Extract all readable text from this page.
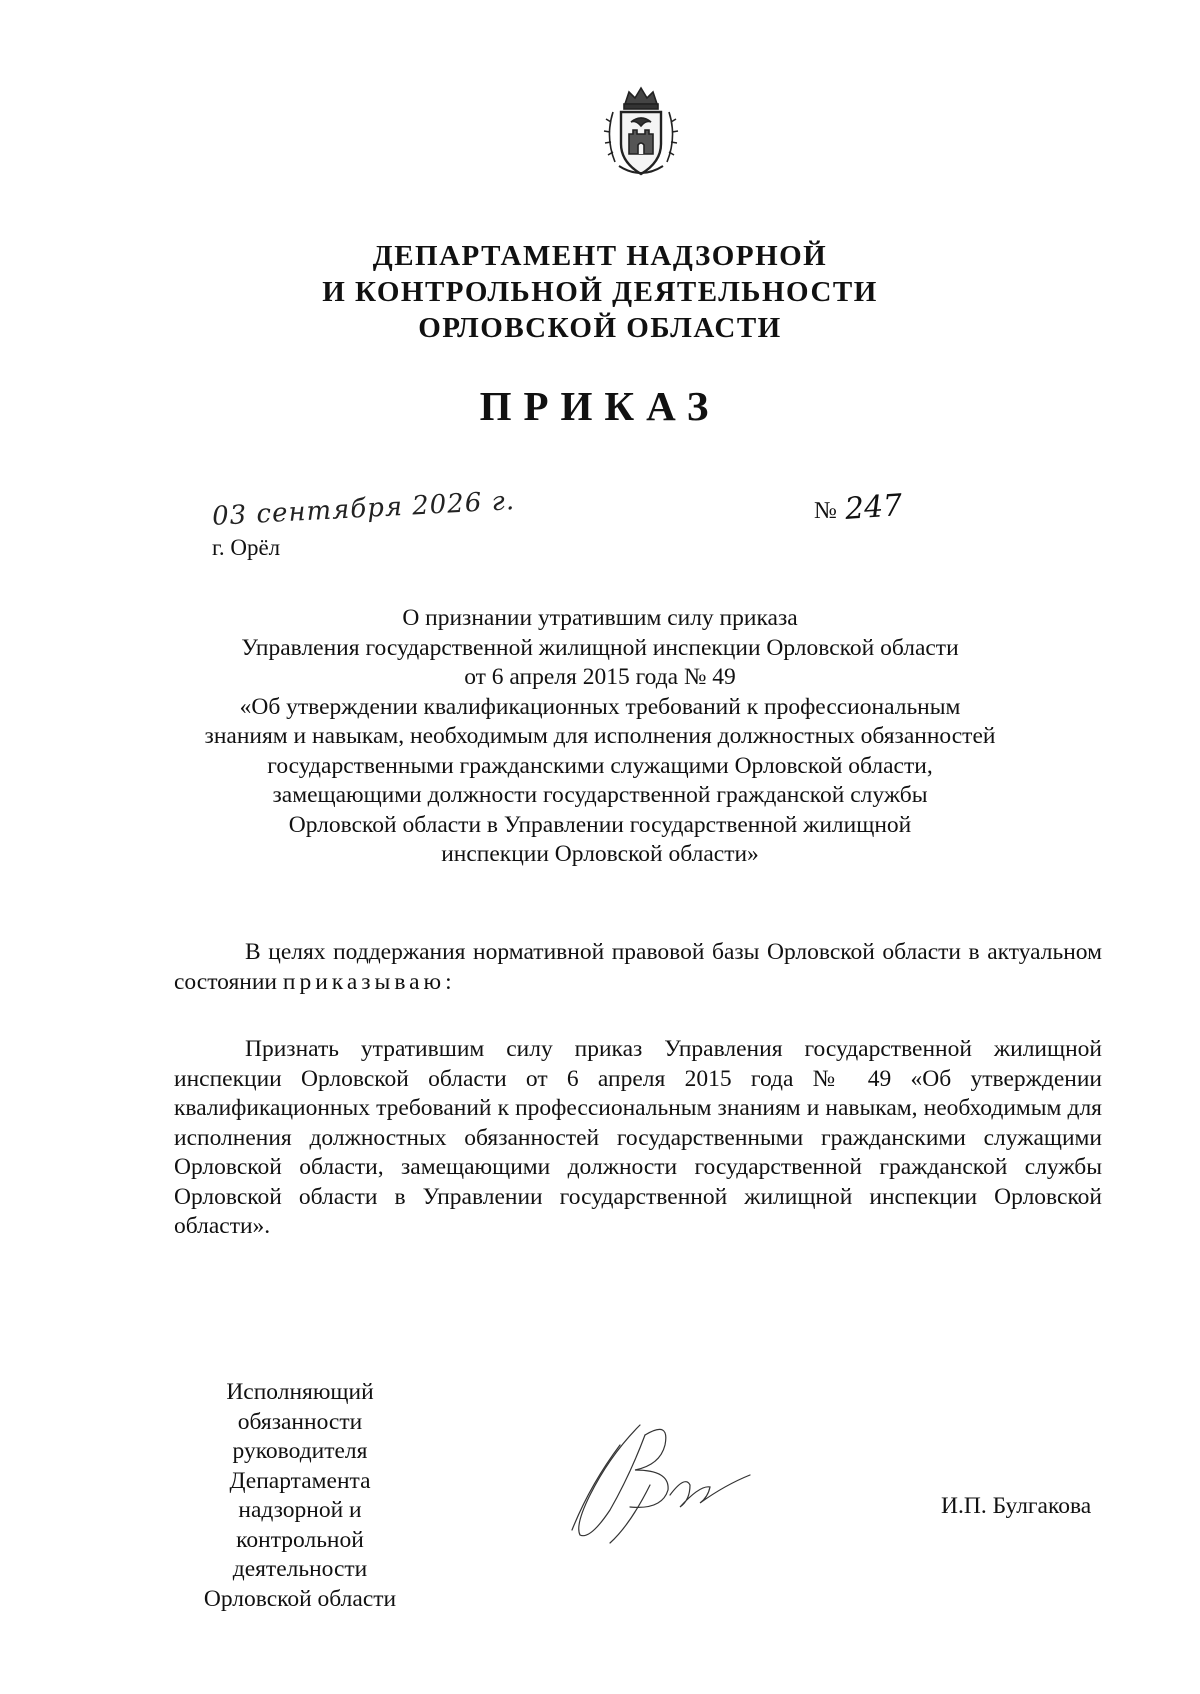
ДЕПАРТАМЕНТ НАДЗОРНОЙ
И КОНТРОЛЬНОЙ ДЕЯТЕЛЬНОСТИ
ОРЛОВСКОЙ ОБЛАСТИ
ПРИКАЗ
03 сентября 2026 г.
г. Орёл
№ 247
О признании утратившим силу приказа
Управления государственной жилищной инспекции Орловской области
от 6 апреля 2015 года № 49
«Об утверждении квалификационных требований к профессиональным
знаниям и навыкам, необходимым для исполнения должностных обязанностей
государственными гражданскими служащими Орловской области,
замещающими должности государственной гражданской службы
Орловской области в Управлении государственной жилищной
инспекции Орловской области»
В целях поддержания нормативной правовой базы Орловской области в актуальном состоянии приказываю:
Признать утратившим силу приказ Управления государственной жилищной инспекции Орловской области от 6 апреля 2015 года № 49 «Об утверждении квалификационных требований к профессиональным знаниям и навыкам, необходимым для исполнения должностных обязанностей государственными гражданскими служащими Орловской области, замещающими должности государственной гражданской службы Орловской области в Управлении государственной жилищной инспекции Орловской области».
Исполняющий
обязанности
руководителя
Департамента
надзорной и
контрольной
деятельности
Орловской области
И.П. Булгакова
